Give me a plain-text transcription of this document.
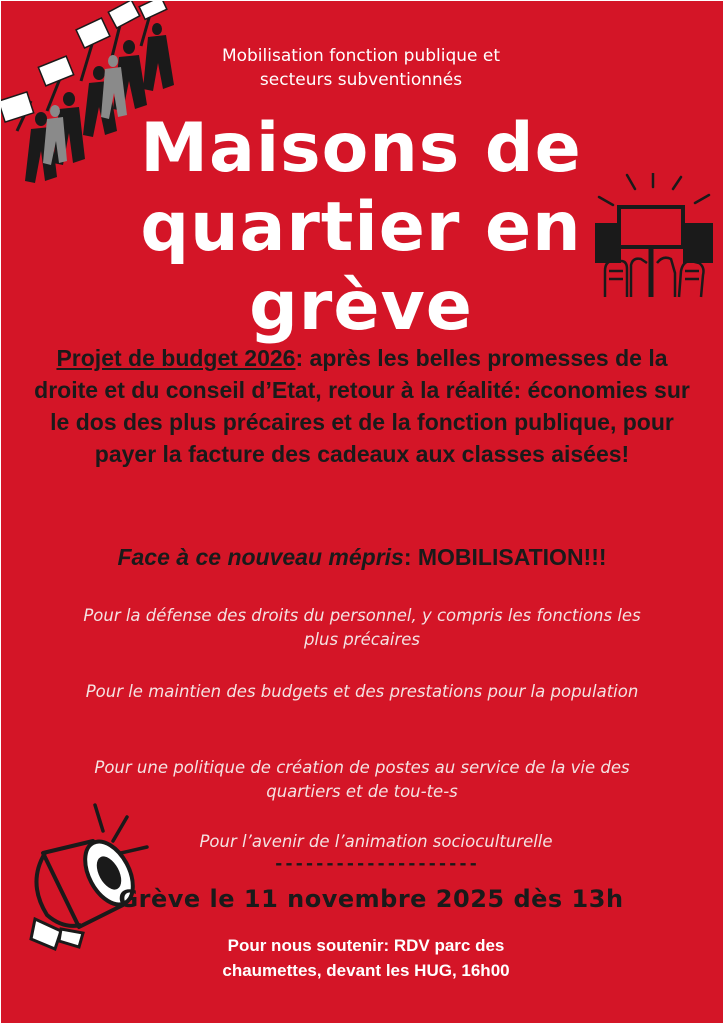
Mobilisation fonction publique et
secteurs subventionnés
Maisons de
quartier en
grève
Projet de budget 2026: après les belles promesses de la droite et du conseil d’Etat, retour à la réalité: économies sur le dos des plus précaires et de la fonction publique, pour payer la facture des cadeaux aux classes aisées!
Face à ce nouveau mépris: MOBILISATION!!!
Pour la défense des droits du personnel, y compris les fonctions les plus précaires
Pour le maintien des budgets et des prestations pour la population
Pour une politique de création de postes au service de la vie des quartiers et de tou-te-s
Pour l’avenir de l’animation socioculturelle
--------------------
Grève le 11 novembre 2025 dès 13h
Pour nous soutenir: RDV parc des
chaumettes, devant les HUG, 16h00
